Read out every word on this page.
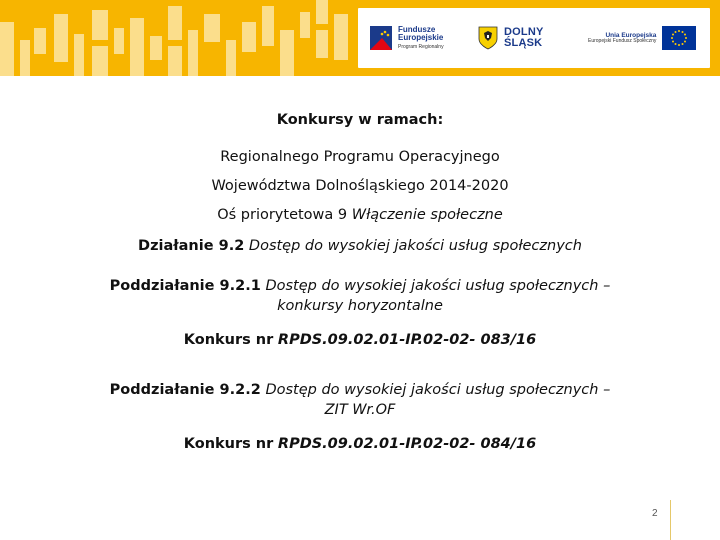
Fundusze
Europejskie
Program Regionalny
DOLNY
ŚLĄSK
Unia Europejska
Europejski Fundusz Społeczny

Konkursy w ramach:

Regionalnego Programu Operacyjnego

Województwa Dolnośląskiego 2014-2020

Oś priorytetowa 9 Włączenie społeczne

Działanie 9.2 Dostęp do wysokiej jakości usług społecznych

Poddziałanie 9.2.1 Dostęp do wysokiej jakości usług społecznych –

konkursy horyzontalne

Konkurs nr RPDS.09.02.01-IP.02-02- 083/16

Poddziałanie 9.2.2 Dostęp do wysokiej jakości usług społecznych –

ZIT Wr.OF

Konkurs nr RPDS.09.02.01-IP.02-02- 084/16

2
